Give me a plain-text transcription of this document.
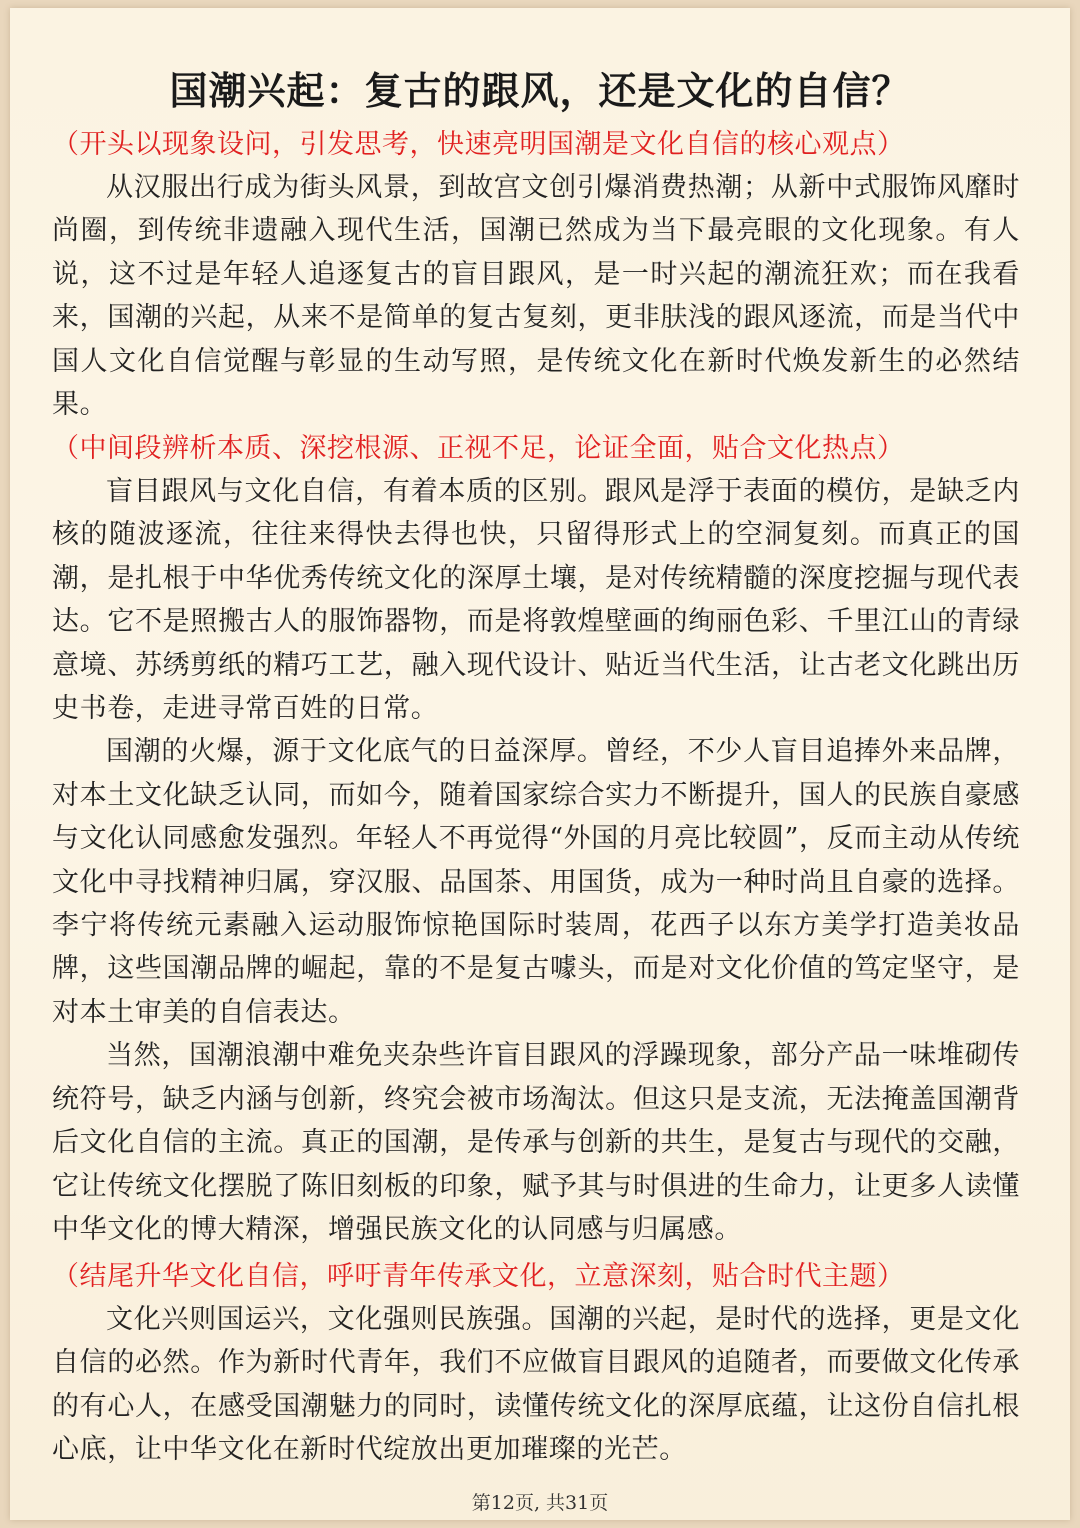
国潮兴起：复古的跟风，还是文化的自信？

（开头以现象设问，引发思考，快速亮明国潮是文化自信的核心观点）

从汉服出行成为街头风景，到故宫文创引爆消费热潮；从新中式服饰风靡时尚圈，到传统非遗融入现代生活，国潮已然成为当下最亮眼的文化现象。有人说，这不过是年轻人追逐复古的盲目跟风，是一时兴起的潮流狂欢；而在我看来，国潮的兴起，从来不是简单的复古复刻，更非肤浅的跟风逐流，而是当代中国人文化自信觉醒与彰显的生动写照，是传统文化在新时代焕发新生的必然结果。

（中间段辨析本质、深挖根源、正视不足，论证全面，贴合文化热点）

盲目跟风与文化自信，有着本质的区别。跟风是浮于表面的模仿，是缺乏内核的随波逐流，往往来得快去得也快，只留得形式上的空洞复刻。而真正的国潮，是扎根于中华优秀传统文化的深厚土壤，是对传统精髓的深度挖掘与现代表达。它不是照搬古人的服饰器物，而是将敦煌壁画的绚丽色彩、千里江山的青绿意境、苏绣剪纸的精巧工艺，融入现代设计、贴近当代生活，让古老文化跳出历史书卷，走进寻常百姓的日常。

国潮的火爆，源于文化底气的日益深厚。曾经，不少人盲目追捧外来品牌，对本土文化缺乏认同，而如今，随着国家综合实力不断提升，国人的民族自豪感与文化认同感愈发强烈。年轻人不再觉得“外国的月亮比较圆”，反而主动从传统文化中寻找精神归属，穿汉服、品国茶、用国货，成为一种时尚且自豪的选择。李宁将传统元素融入运动服饰惊艳国际时装周，花西子以东方美学打造美妆品牌，这些国潮品牌的崛起，靠的不是复古噱头，而是对文化价值的笃定坚守，是对本土审美的自信表达。

当然，国潮浪潮中难免夹杂些许盲目跟风的浮躁现象，部分产品一味堆砌传统符号，缺乏内涵与创新，终究会被市场淘汰。但这只是支流，无法掩盖国潮背后文化自信的主流。真正的国潮，是传承与创新的共生，是复古与现代的交融，它让传统文化摆脱了陈旧刻板的印象，赋予其与时俱进的生命力，让更多人读懂中华文化的博大精深，增强民族文化的认同感与归属感。

（结尾升华文化自信，呼吁青年传承文化，立意深刻，贴合时代主题）

文化兴则国运兴，文化强则民族强。国潮的兴起，是时代的选择，更是文化自信的必然。作为新时代青年，我们不应做盲目跟风的追随者，而要做文化传承的有心人，在感受国潮魅力的同时，读懂传统文化的深厚底蕴，让这份自信扎根心底，让中华文化在新时代绽放出更加璀璨的光芒。

第12页, 共31页
